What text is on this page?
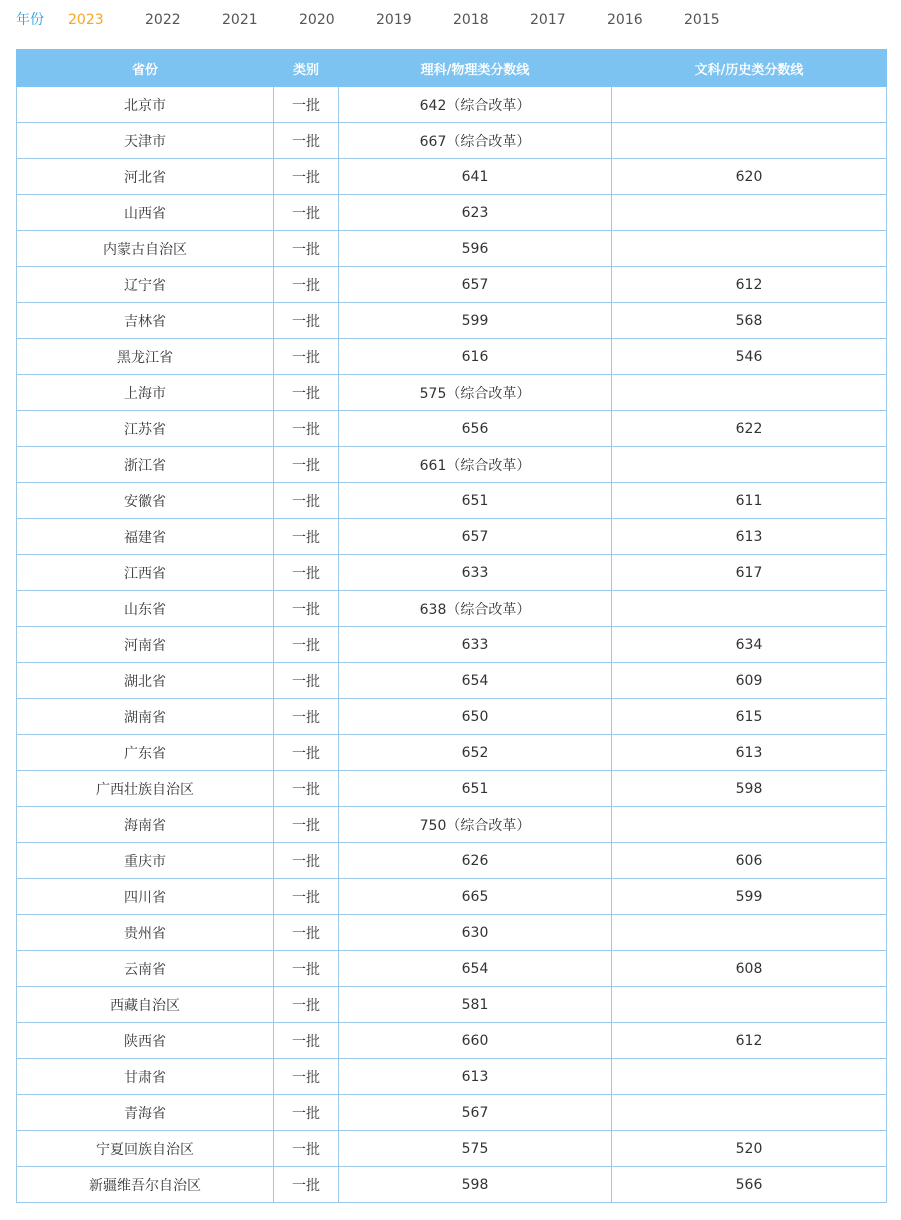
年份 2023	2022	2021	2020	2019	2018	2017	2016	2015
省份	类别	理科/物理类分数线	文科/历史类分数线
北京市	一批	642（综合改革）	
天津市	一批	667（综合改革）	
河北省	一批	641	620
山西省	一批	623	
内蒙古自治区	一批	596	
辽宁省	一批	657	612
吉林省	一批	599	568
黑龙江省	一批	616	546
上海市	一批	575（综合改革）	
江苏省	一批	656	622
浙江省	一批	661（综合改革）	
安徽省	一批	651	611
福建省	一批	657	613
江西省	一批	633	617
山东省	一批	638（综合改革）	
河南省	一批	633	634
湖北省	一批	654	609
湖南省	一批	650	615
广东省	一批	652	613
广西壮族自治区	一批	651	598
海南省	一批	750（综合改革）	
重庆市	一批	626	606
四川省	一批	665	599
贵州省	一批	630	
云南省	一批	654	608
西藏自治区	一批	581	
陕西省	一批	660	612
甘肃省	一批	613	
青海省	一批	567	
宁夏回族自治区	一批	575	520
新疆维吾尔自治区	一批	598	566
